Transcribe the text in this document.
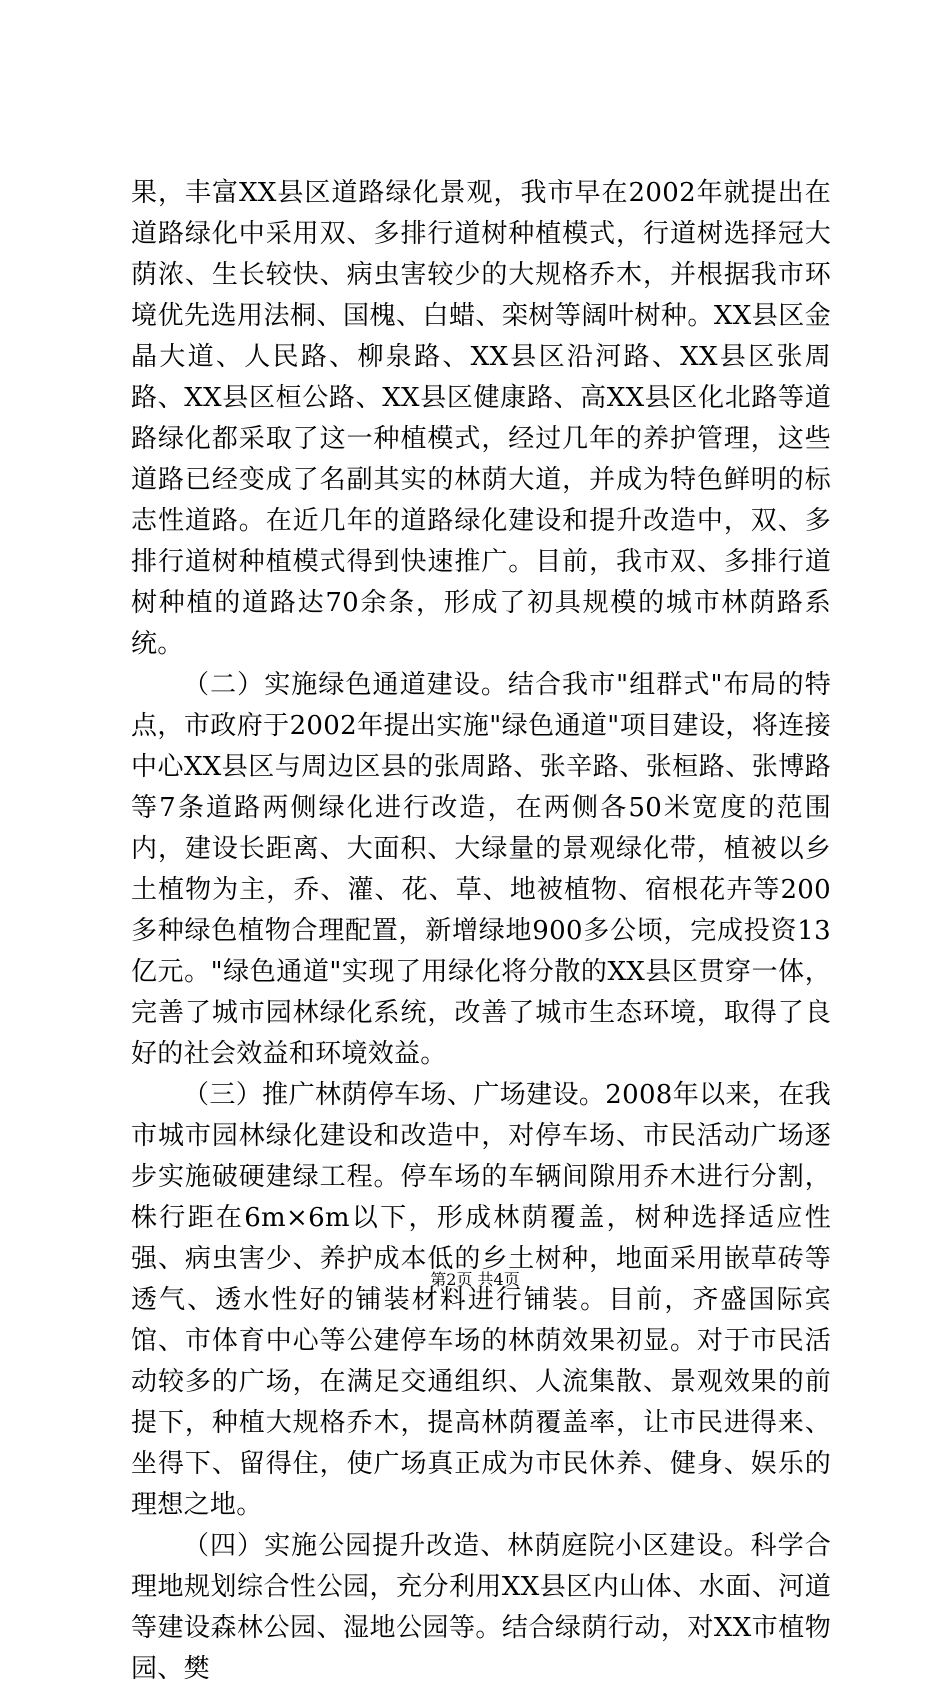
果，丰富XX县区道路绿化景观，我市早在2002年就提出在道路绿化中采用双、多排行道树种植模式，行道树选择冠大荫浓、生长较快、病虫害较少的大规格乔木，并根据我市环境优先选用法桐、国槐、白蜡、栾树等阔叶树种。XX县区金晶大道、人民路、柳泉路、XX县区沿河路、XX县区张周路、XX县区桓公路、XX县区健康路、高XX县区化北路等道路绿化都采取了这一种植模式，经过几年的养护管理，这些道路已经变成了名副其实的林荫大道，并成为特色鲜明的标志性道路。在近几年的道路绿化建设和提升改造中，双、多排行道树种植模式得到快速推广。目前，我市双、多排行道树种植的道路达70余条，形成了初具规模的城市林荫路系统。

（二）实施绿色通道建设。结合我市"组群式"布局的特点，市政府于2002年提出实施"绿色通道"项目建设，将连接中心XX县区与周边区县的张周路、张辛路、张桓路、张博路等7条道路两侧绿化进行改造，在两侧各50米宽度的范围内，建设长距离、大面积、大绿量的景观绿化带，植被以乡土植物为主，乔、灌、花、草、地被植物、宿根花卉等200多种绿色植物合理配置，新增绿地900多公顷，完成投资13亿元。"绿色通道"实现了用绿化将分散的XX县区贯穿一体，完善了城市园林绿化系统，改善了城市生态环境，取得了良好的社会效益和环境效益。

（三）推广林荫停车场、广场建设。2008年以来，在我市城市园林绿化建设和改造中，对停车场、市民活动广场逐步实施破硬建绿工程。停车场的车辆间隙用乔木进行分割，株行距在6m×6m以下，形成林荫覆盖，树种选择适应性强、病虫害少、养护成本低的乡土树种，地面采用嵌草砖等透气、透水性好的铺装材料进行铺装。目前，齐盛国际宾馆、市体育中心等公建停车场的林荫效果初显。对于市民活动较多的广场，在满足交通组织、人流集散、景观效果的前提下，种植大规格乔木，提高林荫覆盖率，让市民进得来、坐得下、留得住，使广场真正成为市民休养、健身、娱乐的理想之地。

（四）实施公园提升改造、林荫庭院小区建设。科学合理地规划综合性公园，充分利用XX县区内山体、水面、河道等建设森林公园、湿地公园等。结合绿荫行动，对XX市植物园、樊

第2页 共4页
